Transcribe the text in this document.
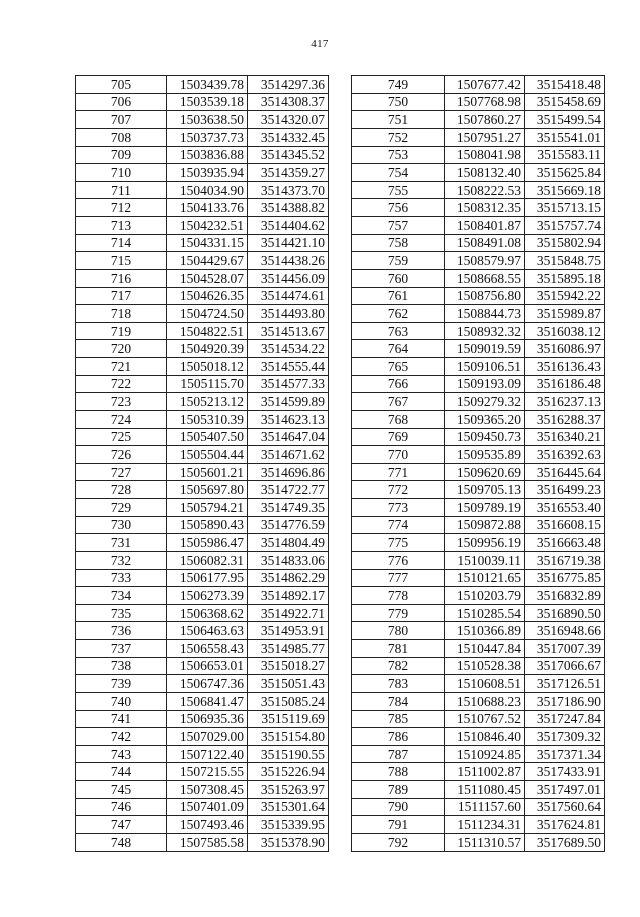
417
705	1503439.78	3514297.36
706	1503539.18	3514308.37
707	1503638.50	3514320.07
708	1503737.73	3514332.45
709	1503836.88	3514345.52
710	1503935.94	3514359.27
711	1504034.90	3514373.70
712	1504133.76	3514388.82
713	1504232.51	3514404.62
714	1504331.15	3514421.10
715	1504429.67	3514438.26
716	1504528.07	3514456.09
717	1504626.35	3514474.61
718	1504724.50	3514493.80
719	1504822.51	3514513.67
720	1504920.39	3514534.22
721	1505018.12	3514555.44
722	1505115.70	3514577.33
723	1505213.12	3514599.89
724	1505310.39	3514623.13
725	1505407.50	3514647.04
726	1505504.44	3514671.62
727	1505601.21	3514696.86
728	1505697.80	3514722.77
729	1505794.21	3514749.35
730	1505890.43	3514776.59
731	1505986.47	3514804.49
732	1506082.31	3514833.06
733	1506177.95	3514862.29
734	1506273.39	3514892.17
735	1506368.62	3514922.71
736	1506463.63	3514953.91
737	1506558.43	3514985.77
738	1506653.01	3515018.27
739	1506747.36	3515051.43
740	1506841.47	3515085.24
741	1506935.36	3515119.69
742	1507029.00	3515154.80
743	1507122.40	3515190.55
744	1507215.55	3515226.94
745	1507308.45	3515263.97
746	1507401.09	3515301.64
747	1507493.46	3515339.95
748	1507585.58	3515378.90
749	1507677.42	3515418.48
750	1507768.98	3515458.69
751	1507860.27	3515499.54
752	1507951.27	3515541.01
753	1508041.98	3515583.11
754	1508132.40	3515625.84
755	1508222.53	3515669.18
756	1508312.35	3515713.15
757	1508401.87	3515757.74
758	1508491.08	3515802.94
759	1508579.97	3515848.75
760	1508668.55	3515895.18
761	1508756.80	3515942.22
762	1508844.73	3515989.87
763	1508932.32	3516038.12
764	1509019.59	3516086.97
765	1509106.51	3516136.43
766	1509193.09	3516186.48
767	1509279.32	3516237.13
768	1509365.20	3516288.37
769	1509450.73	3516340.21
770	1509535.89	3516392.63
771	1509620.69	3516445.64
772	1509705.13	3516499.23
773	1509789.19	3516553.40
774	1509872.88	3516608.15
775	1509956.19	3516663.48
776	1510039.11	3516719.38
777	1510121.65	3516775.85
778	1510203.79	3516832.89
779	1510285.54	3516890.50
780	1510366.89	3516948.66
781	1510447.84	3517007.39
782	1510528.38	3517066.67
783	1510608.51	3517126.51
784	1510688.23	3517186.90
785	1510767.52	3517247.84
786	1510846.40	3517309.32
787	1510924.85	3517371.34
788	1511002.87	3517433.91
789	1511080.45	3517497.01
790	1511157.60	3517560.64
791	1511234.31	3517624.81
792	1511310.57	3517689.50
